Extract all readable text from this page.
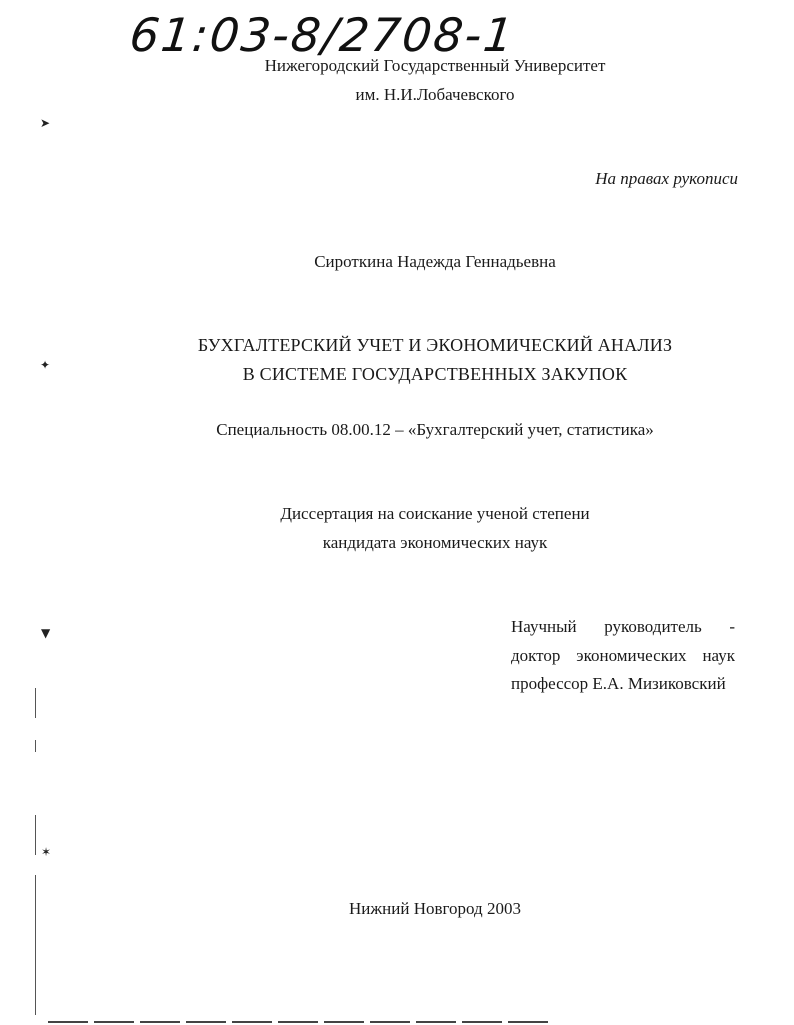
61:03-8/2708-1
Нижегородский Государственный Университет
им. Н.И.Лобачевского
На правах рукописи
Сироткина Надежда Геннадьевна
БУХГАЛТЕРСКИЙ УЧЕТ И ЭКОНОМИЧЕСКИЙ АНАЛИЗ
В СИСТЕМЕ ГОСУДАРСТВЕННЫХ ЗАКУПОК
Специальность 08.00.12 – «Бухгалтерский учет, статистика»
Диссертация на соискание ученой степени
кандидата экономических наук
Научный руководитель -
доктор экономических наук
профессор Е.А. Мизиковский
Нижний Новгород 2003
➤
✦
▼
✶
